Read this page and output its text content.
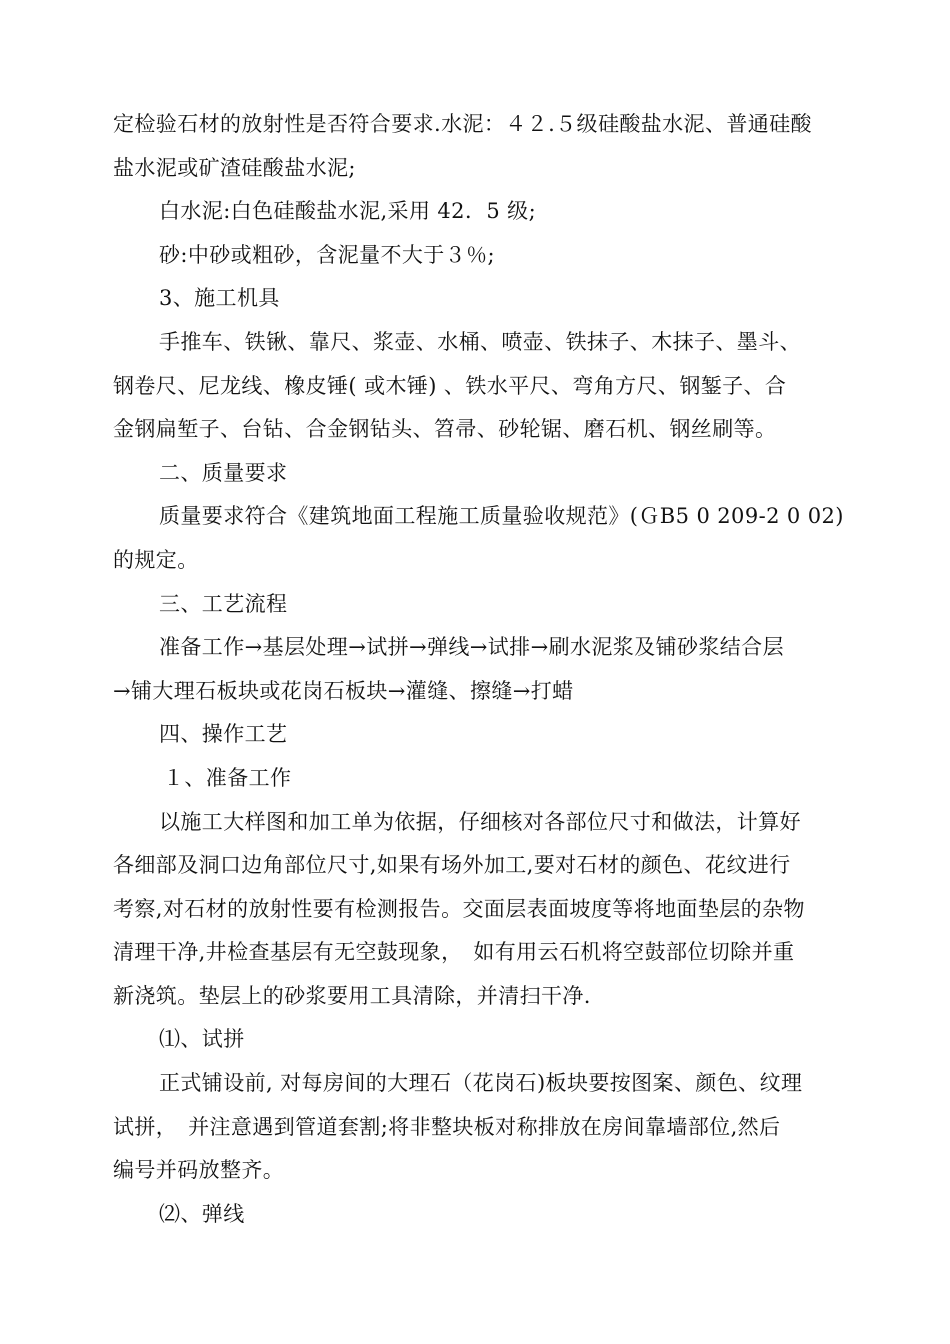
定检验石材的放射性是否符合要求.水泥：４２.５级硅酸盐水泥、普通硅酸
盐水泥或矿渣硅酸盐水泥;
白水泥:白色硅酸盐水泥,采用 42．5 级;
砂:中砂或粗砂，含泥量不大于３％;
3、施工机具
手推车、铁锹、靠尺、浆壶、水桶、喷壶、铁抹子、木抹子、墨斗、
钢卷尺、尼龙线、橡皮锤( 或木锤) 、铁水平尺、弯角方尺、钢錾子、合
金钢扁堑子、台钻、合金钢钻头、笤帚、砂轮锯、磨石机、钢丝刷等。
二、质量要求
质量要求符合《建筑地面工程施工质量验收规范》(ＧB5 0 209-2 0 02)
的规定。
三、工艺流程
准备工作→基层处理→试拼→弹线→试排→刷水泥浆及铺砂浆结合层
→铺大理石板块或花岗石板块→灌缝、擦缝→打蜡
四、操作工艺
１、准备工作
以施工大样图和加工单为依据，仔细核对各部位尺寸和做法，计算好
各细部及洞口边角部位尺寸,如果有场外加工,要对石材的颜色、花纹进行
考察,对石材的放射性要有检测报告。交面层表面坡度等将地面垫层的杂物
清理干净,井检查基层有无空鼓现象，　如有用云石机将空鼓部位切除并重
新浇筑。垫层上的砂浆要用工具清除，并清扫干净.
⑴、试拼
正式铺设前, 对每房间的大理石（花岗石)板块要按图案、颜色、纹理
试拼，　并注意遇到管道套割;将非整块板对称排放在房间靠墙部位,然后
编号并码放整齐。
⑵、弹线
